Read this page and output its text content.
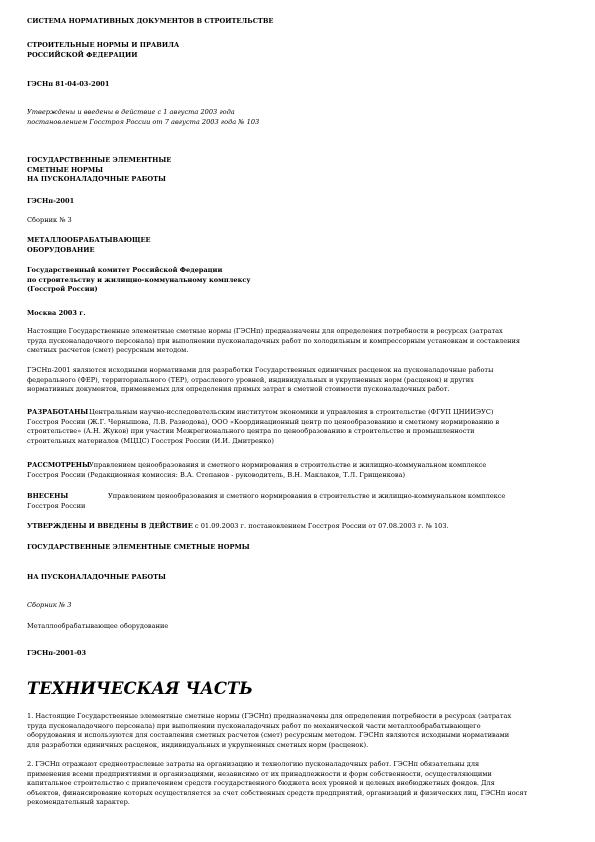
СИСТЕМА НОРМАТИВНЫХ ДОКУМЕНТОВ В СТРОИТЕЛЬСТВЕ
СТРОИТЕЛЬНЫЕ НОРМЫ И ПРАВИЛА
РОССИЙСКОЙ ФЕДЕРАЦИИ
ГЭСНп 81-04-03-2001
Утверждены и введены в действие с 1 августа 2003 года
постановлением Госстроя России от 7 августа 2003 года № 103
ГОСУДАРСТВЕННЫЕ ЭЛЕМЕНТНЫЕ
СМЕТНЫЕ НОРМЫ
НА ПУСКОНАЛАДОЧНЫЕ РАБОТЫ
ГЭСНп-2001
Сборник № 3
МЕТАЛЛООБРАБАТЫВАЮЩЕЕ
ОБОРУДОВАНИЕ
Государственный комитет Российской Федерации
по строительству и жилищно-коммунальному комплексу
(Госстрой России)
Москва 2003 г.
Настоящие Государственные элементные сметные нормы (ГЭСНп) предназначены для определения потребности в ресурсах (затратах
труда пусконаладочного персонала) при выполнении пусконаладочных работ по холодильным и компрессорным установкам и составления
сметных расчетов (смет) ресурсным методом.
ГЭСНп-2001 являются исходными нормативами для разработки Государственных единичных расценок на пусконаладочные работы
федерального (ФЕР), территориального (ТЕР), отраслевого уровней, индивидуальных и укрупненных норм (расценок) и других
нормативных документов, применяемых для определения прямых затрат в сметной стоимости пусконаладочных работ.
РАЗРАБОТАНЫЦентральным научно-исследовательским институтом экономики и управления в строительстве (ФГУП ЦНИИЭУС)
Госстроя России (Ж.Г. Чернышова, Л.В. Разводова), ООО «Координационный центр по ценообразованию и сметному нормированию в
строительстве» (А.Н. Жуков) при участии Межрегионального центра по ценообразованию в строительстве и промышленности
строительных материалов (МЦЦС) Госстроя России (И.И. Дмитренко)
РАССМОТРЕНЫУправлением ценообразования и сметного нормирования в строительстве и жилищно-коммунальном комплексе
Госстроя России (Редакционная комиссия: В.А. Степанов - руководитель, В.Н. Маклаков, Т.Л. Грищенкова)
ВНЕСЕНЫ	Управлением ценообразования и сметного нормирования в строительстве и жилищно-коммунальном комплексе
Госстроя России
УТВЕРЖДЕНЫ И ВВЕДЕНЫ В ДЕЙСТВИЕ с 01.09.2003 г. постановлением Госстроя России от 07.08.2003 г. № 103.
ГОСУДАРСТВЕННЫЕ ЭЛЕМЕНТНЫЕ СМЕТНЫЕ НОРМЫ
НА ПУСКОНАЛАДОЧНЫЕ РАБОТЫ
Сборник № 3
Металлообрабатывающее оборудование
ГЭСНп-2001-03
ТЕХНИЧЕСКАЯ ЧАСТЬ
1. Настоящие Государственные элементные сметные нормы (ГЭСНп) предназначены для определения потребности в ресурсах (затратах
труда пусконаладочного персонала) при выполнении пусконаладочных работ по механической части металлообрабатывающего
оборудования и используются для составления сметных расчетов (смет) ресурсным методом. ГЭСНп являются исходными нормативами
для разработки единичных расценок, индивидуальных и укрупненных сметных норм (расценок).
2. ГЭСНп отражают среднеотраслевые затраты на организацию и технологию пусконаладочных работ. ГЭСНп обязательны для
применения всеми предприятиями и организациями, независимо от их принадлежности и форм собственности, осуществляющими
капитальное строительство с привлечением средств государственного бюджета всех уровней и целевых внебюджетных фондов. Для
объектов, финансирование которых осуществляется за счет собственных средств предприятий, организаций и физических лиц, ГЭСНп носят
рекомендательный характер.
